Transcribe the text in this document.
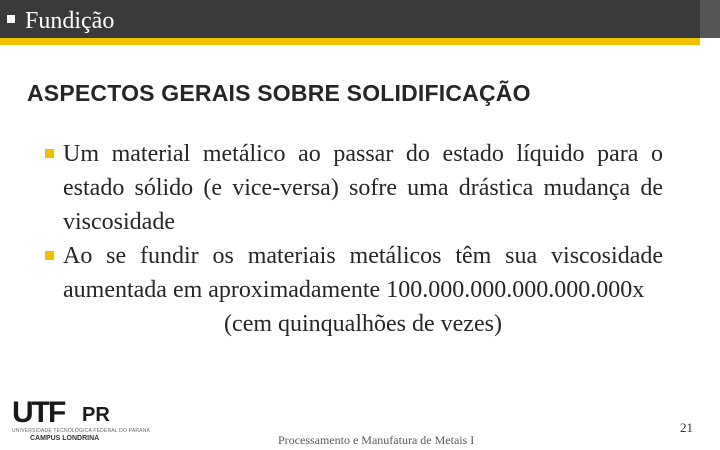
Fundição
ASPECTOS GERAIS SOBRE SOLIDIFICAÇÃO
Um material metálico ao passar do estado líquido para o estado sólido (e vice-versa) sofre uma drástica mudança de viscosidade
Ao se fundir os materiais metálicos têm sua viscosidade aumentada em aproximadamente 100.000.000.000.000.000x
(cem quinqualhões de vezes)
UTF PR
UNIVERSIDADE TECNOLÓGICA FEDERAL DO PARANÁ
CAMPUS LONDRINA	Processamento e Manufatura de Metais I
21
